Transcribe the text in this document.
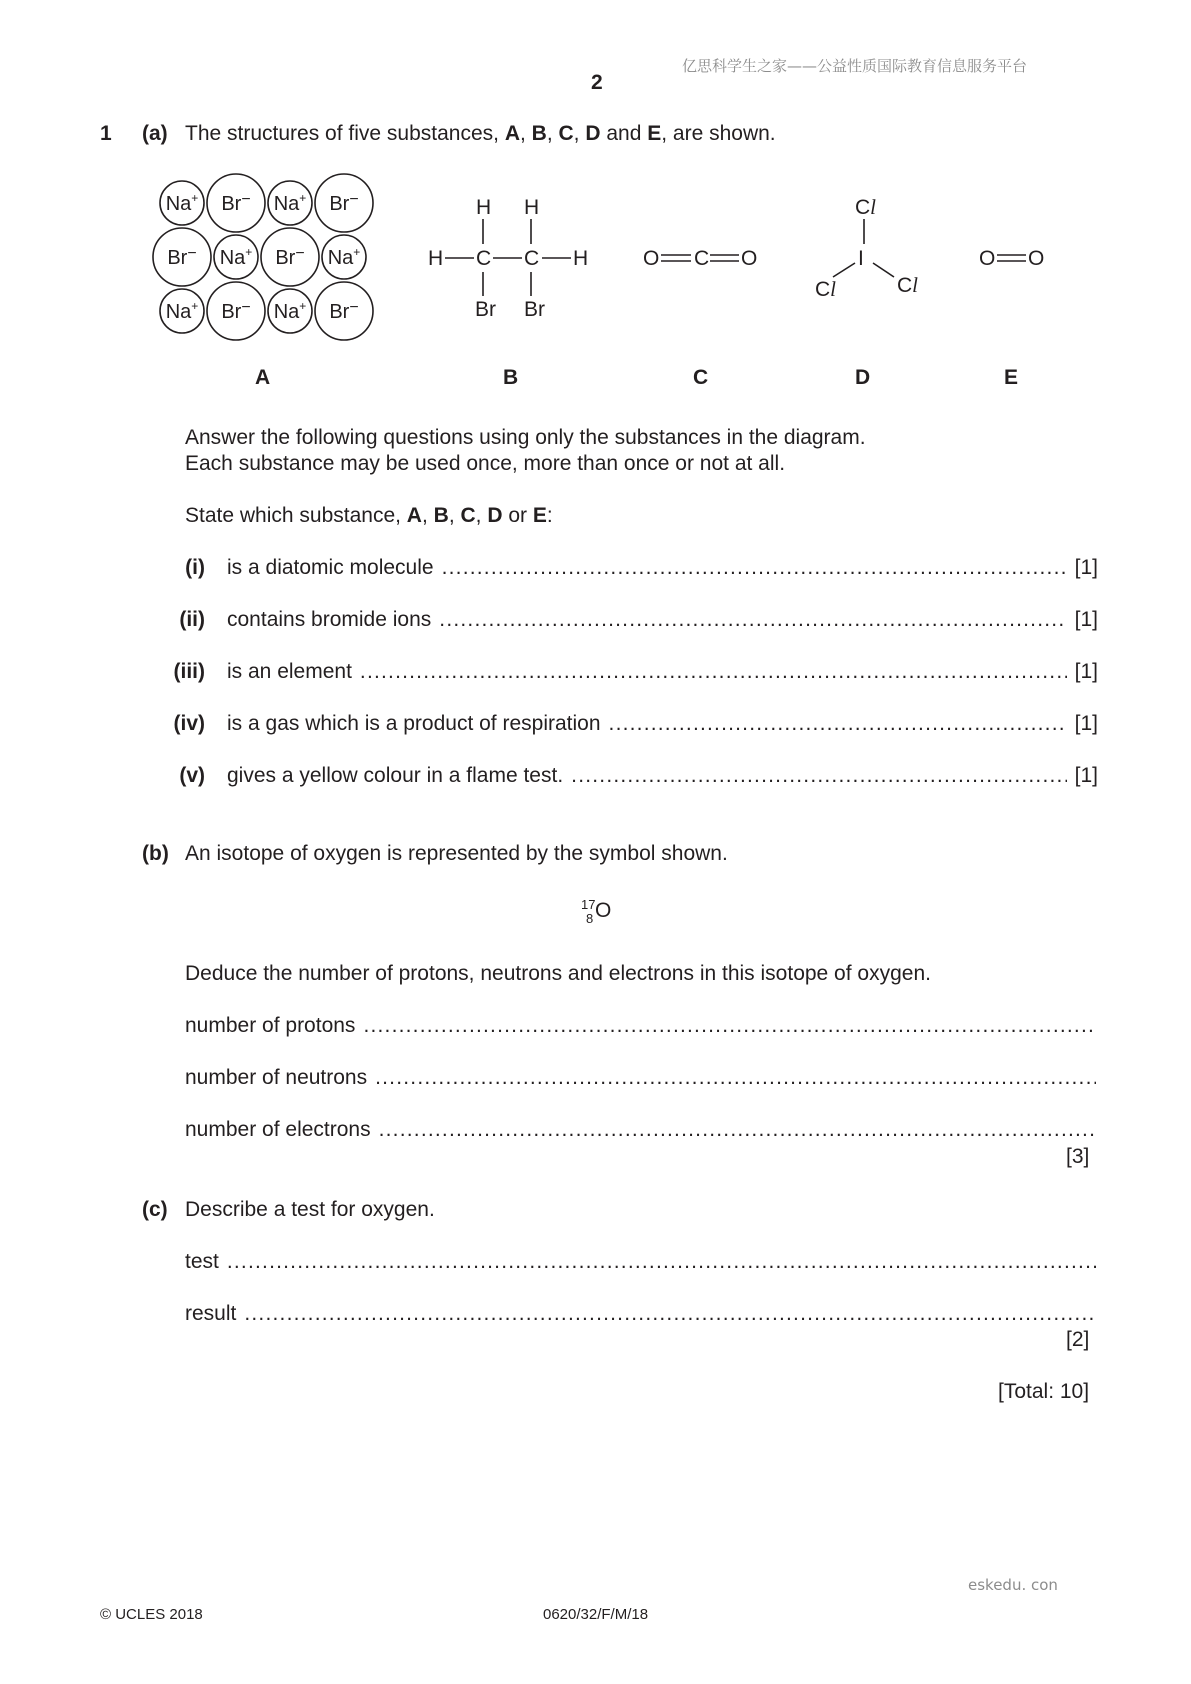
亿思科学生之家——公益性质国际教育信息服务平台
2
1 (a) The structures of five substances, A, B, C, D and E, are shown.
Na+ Br− Na+ Br−
Br− Na+ Br− Na+
Na+ Br− Na+ Br−
H H
H C C H
Br Br
O C O
Cl
I
Cl	Cl
O O
A	B	C	D	E
Answer the following questions using only the substances in the diagram.
Each substance may be used once, more than once or not at all.
State which substance, A, B, C, D or E:
(i) is a diatomic molecule .....	[1]
(ii) contains bromide ions .....	[1]
(iii) is an element .....	[1]
(iv) is a gas which is a product of respiration .....	[1]
(v) gives a yellow colour in a flame test. .....	[1]
(b) An isotope of oxygen is represented by the symbol shown.
17
8 O
Deduce the number of protons, neutrons and electrons in this isotope of oxygen.
number of protons
.....
number of neutrons
.....
number of electrons
.....
[3]
(c) Describe a test for oxygen.
test
.....
result
.....
[2]
[Total: 10]
eskedu. con
© UCLES 2018	0620/32/F/M/18
